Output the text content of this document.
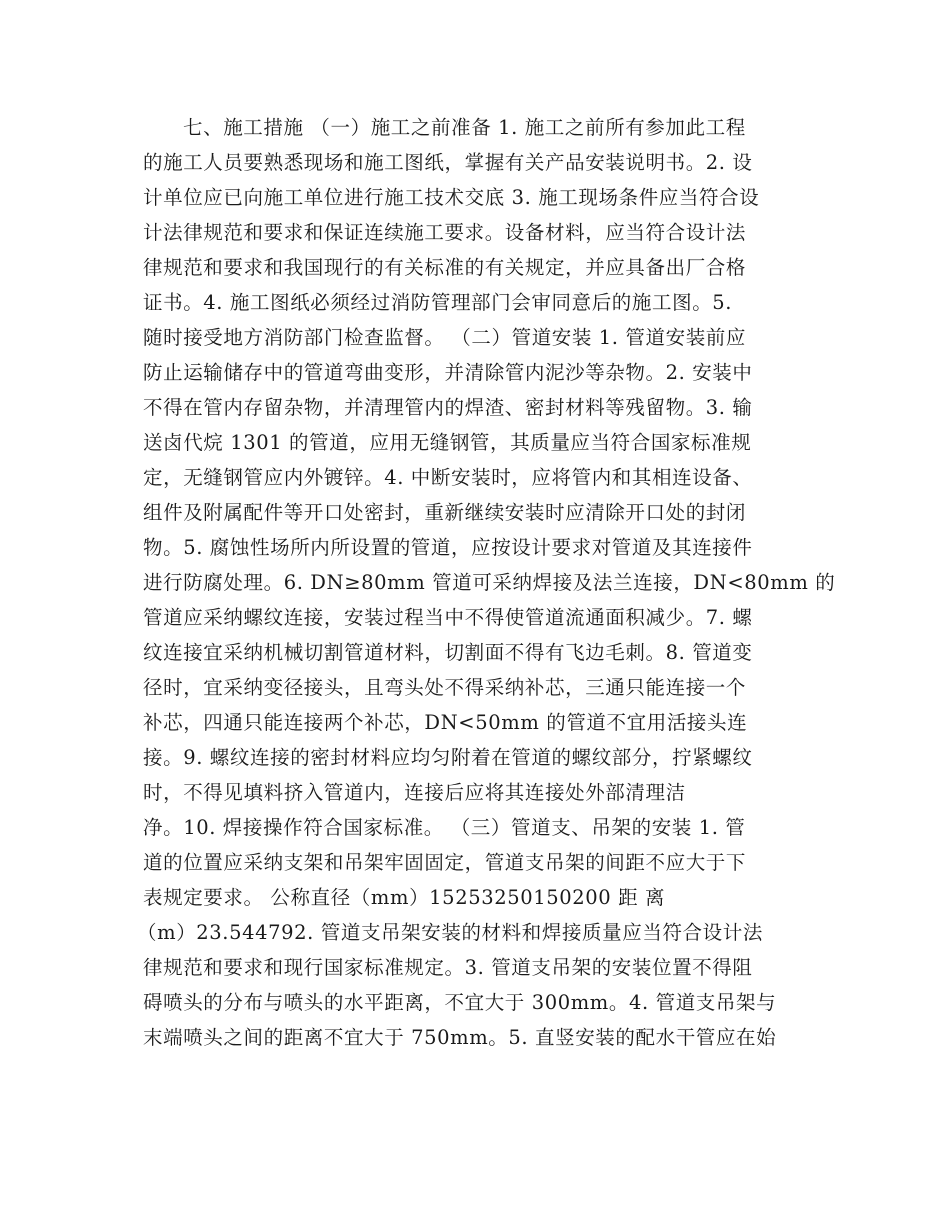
七、施工措施 （一）施工之前准备 1. 施工之前所有参加此工程
的施工人员要熟悉现场和施工图纸，掌握有关产品安装说明书。2. 设
计单位应已向施工单位进行施工技术交底 3. 施工现场条件应当符合设
计法律规范和要求和保证连续施工要求。设备材料，应当符合设计法
律规范和要求和我国现行的有关标准的有关规定，并应具备出厂合格
证书。4. 施工图纸必须经过消防管理部门会审同意后的施工图。5.
随时接受地方消防部门检查监督。 （二）管道安装 1. 管道安装前应
防止运输储存中的管道弯曲变形，并清除管内泥沙等杂物。2. 安装中
不得在管内存留杂物，并清理管内的焊渣、密封材料等残留物。3. 输
送卤代烷 1301 的管道，应用无缝钢管，其质量应当符合国家标准规
定，无缝钢管应内外镀锌。4. 中断安装时，应将管内和其相连设备、
组件及附属配件等开口处密封，重新继续安装时应清除开口处的封闭
物。5. 腐蚀性场所内所设置的管道，应按设计要求对管道及其连接件
进行防腐处理。6. DN≥80mm 管道可采纳焊接及法兰连接，DN<80mm 的
管道应采纳螺纹连接，安装过程当中不得使管道流通面积减少。7. 螺
纹连接宜采纳机械切割管道材料，切割面不得有飞边毛刺。8. 管道变
径时，宜采纳变径接头，且弯头处不得采纳补芯，三通只能连接一个
补芯，四通只能连接两个补芯，DN<50mm 的管道不宜用活接头连
接。9. 螺纹连接的密封材料应均匀附着在管道的螺纹部分，拧紧螺纹
时，不得见填料挤入管道内，连接后应将其连接处外部清理洁
净。10. 焊接操作符合国家标准。 （三）管道支、吊架的安装 1. 管
道的位置应采纳支架和吊架牢固固定，管道支吊架的间距不应大于下
表规定要求。 公称直径（mm）15253250150200 距 离
（m）23.544792. 管道支吊架安装的材料和焊接质量应当符合设计法
律规范和要求和现行国家标准规定。3. 管道支吊架的安装位置不得阻
碍喷头的分布与喷头的水平距离，不宜大于 300mm。4. 管道支吊架与
末端喷头之间的距离不宜大于 750mm。5. 直竖安装的配水干管应在始
